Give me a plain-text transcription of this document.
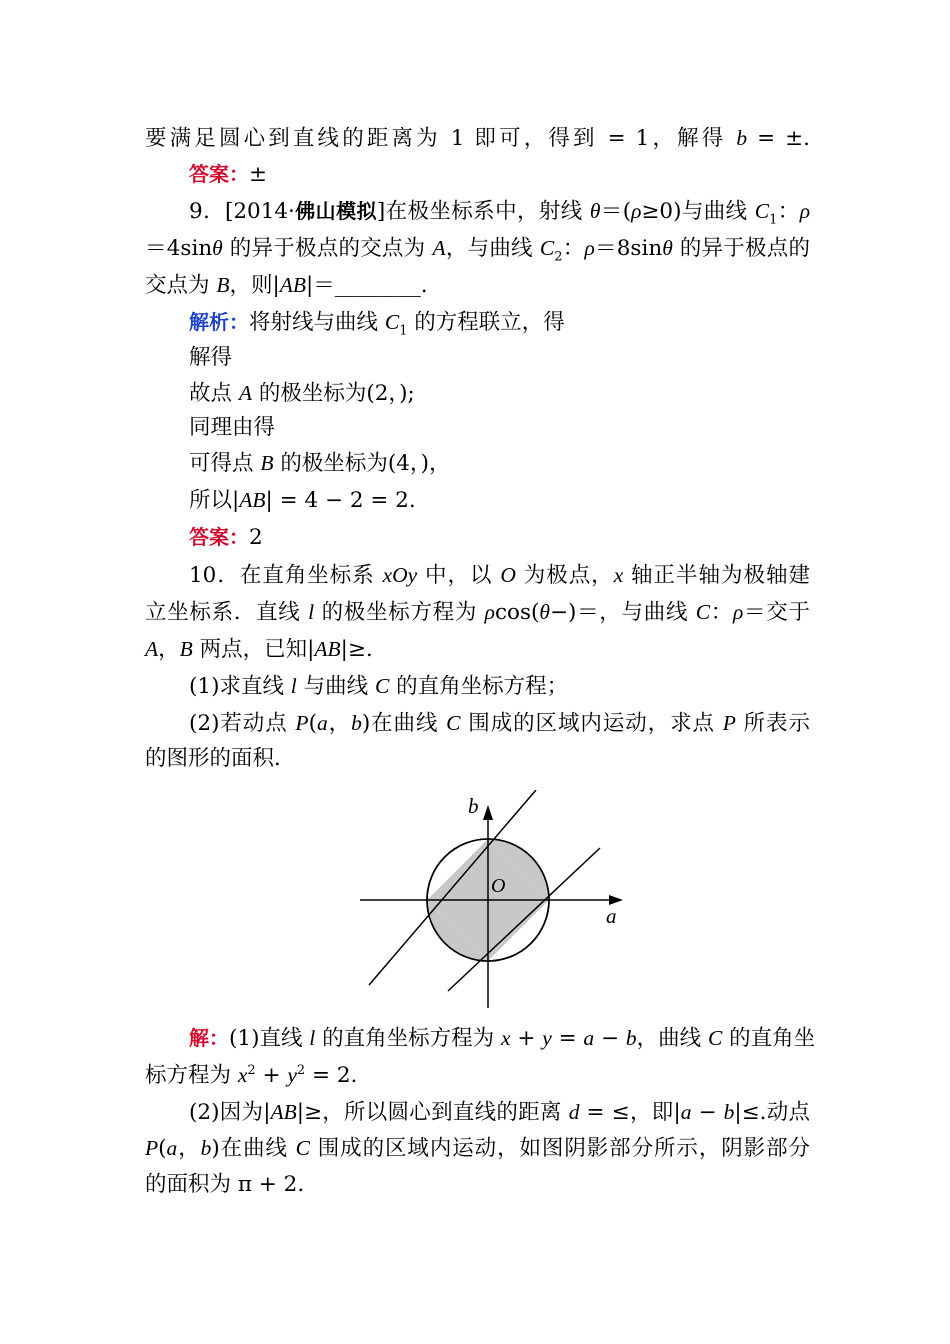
要满足圆心到直线的距离为 1 即可，得到 = 1，解得 b = ±.
答案：±
9．[2014·佛山模拟]在极坐标系中，射线 θ＝(ρ≥0)与曲线 $C_1$：ρ
＝4sinθ 的异于极点的交点为 A，与曲线 $C_2$：ρ＝8sinθ 的异于极点的
交点为 B，则|AB|＝________.
解析：将射线与曲线 $C_1$ 的方程联立，得
解得
故点 A 的极坐标为(2，);
同理由得
可得点 B 的极坐标为(4，)，
所以|AB| = 4 − 2 = 2.
答案：2
10．在直角坐标系 xOy 中，以 O 为极点，x 轴正半轴为极轴建
立坐标系．直线 l 的极坐标方程为 ρcos(θ−)＝，与曲线 C：ρ＝交于
A，B 两点，已知|AB|≥.
(1)求直线 l 与曲线 C 的直角坐标方程；
(2)若动点 P(a，b)在曲线 C 围成的区域内运动，求点 P 所表示
的图形的面积．
b
O
a
解：(1)直线 l 的直角坐标方程为 x + y = a − b，曲线 C 的直角坐
标方程为 $x^2 + y^2 = 2$.
(2)因为|AB|≥，所以圆心到直线的距离 d = ≤，即|a − b|≤.动点
P(a，b)在曲线 C 围成的区域内运动，如图阴影部分所示，阴影部分
的面积为 π + 2.
